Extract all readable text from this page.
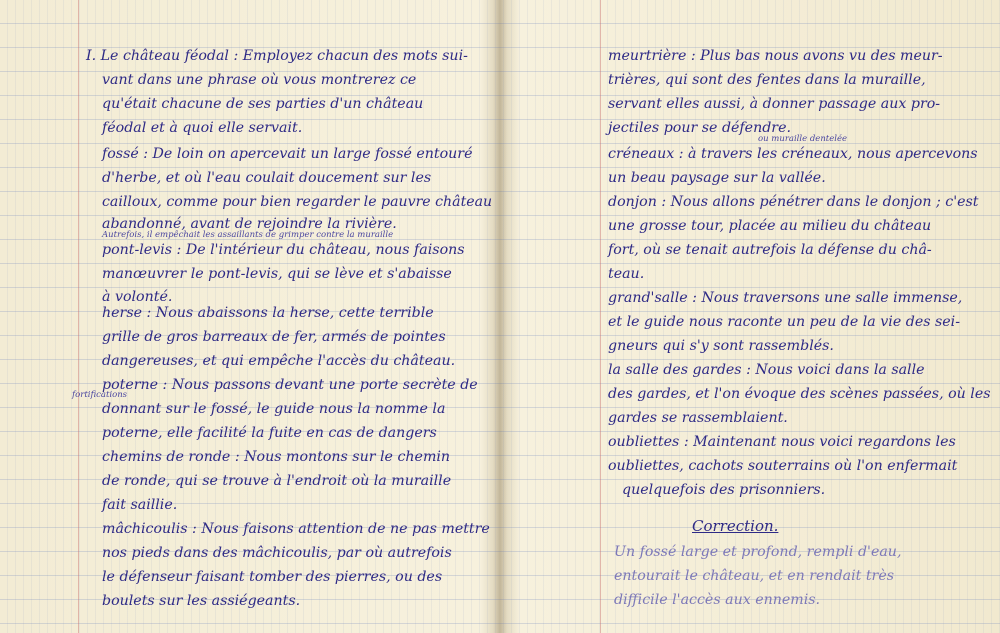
I. Le château féodal : Employez chacun des mots sui-
vant dans une phrase où vous montrerez ce
qu'était chacune de ses parties d'un château
féodal et à quoi elle servait.
fossé : De loin on apercevait un large fossé entouré
d'herbe, et où l'eau coulait doucement sur les
cailloux, comme pour bien regarder le pauvre château
abandonné, avant de rejoindre la rivière.
Autrefois, il empêchait les assaillants de grimper contre la muraille
pont-levis : De l'intérieur du château, nous faisons
manœuvrer le pont-levis, qui se lève et s'abaisse
à volonté.
herse : Nous abaissons la herse, cette terrible
grille de gros barreaux de fer, armés de pointes
dangereuses, et qui empêche l'accès du château.
poterne : Nous passons devant une porte secrète de
fortifications
donnant sur le fossé, le guide nous la nomme la
poterne, elle facilité la fuite en cas de dangers
chemins de ronde : Nous montons sur le chemin
de ronde, qui se trouve à l'endroit où la muraille
fait saillie.
mâchicoulis : Nous faisons attention de ne pas mettre
nos pieds dans des mâchicoulis, par où autrefois
le défenseur faisant tomber des pierres, ou des
boulets sur les assiégeants.
meurtrière : Plus bas nous avons vu des meur-
trières, qui sont des fentes dans la muraille,
servant elles aussi, à donner passage aux pro-
jectiles pour se défendre.
ou muraille dentelée
créneaux : à travers les créneaux, nous apercevons
un beau paysage sur la vallée.
donjon : Nous allons pénétrer dans le donjon ; c'est
une grosse tour, placée au milieu du château
fort, où se tenait autrefois la défense du châ-
teau.
grand'salle : Nous traversons une salle immense,
et le guide nous raconte un peu de la vie des sei-
gneurs qui s'y sont rassemblés.
la salle des gardes : Nous voici dans la salle
des gardes, et l'on évoque des scènes passées, où les
gardes se rassemblaient.
oubliettes : Maintenant nous voici regardons les
oubliettes, cachots souterrains où l'on enfermait
quelquefois des prisonniers.
Correction.
Un fossé large et profond, rempli d'eau,
entourait le château, et en rendait très
difficile l'accès aux ennemis.
